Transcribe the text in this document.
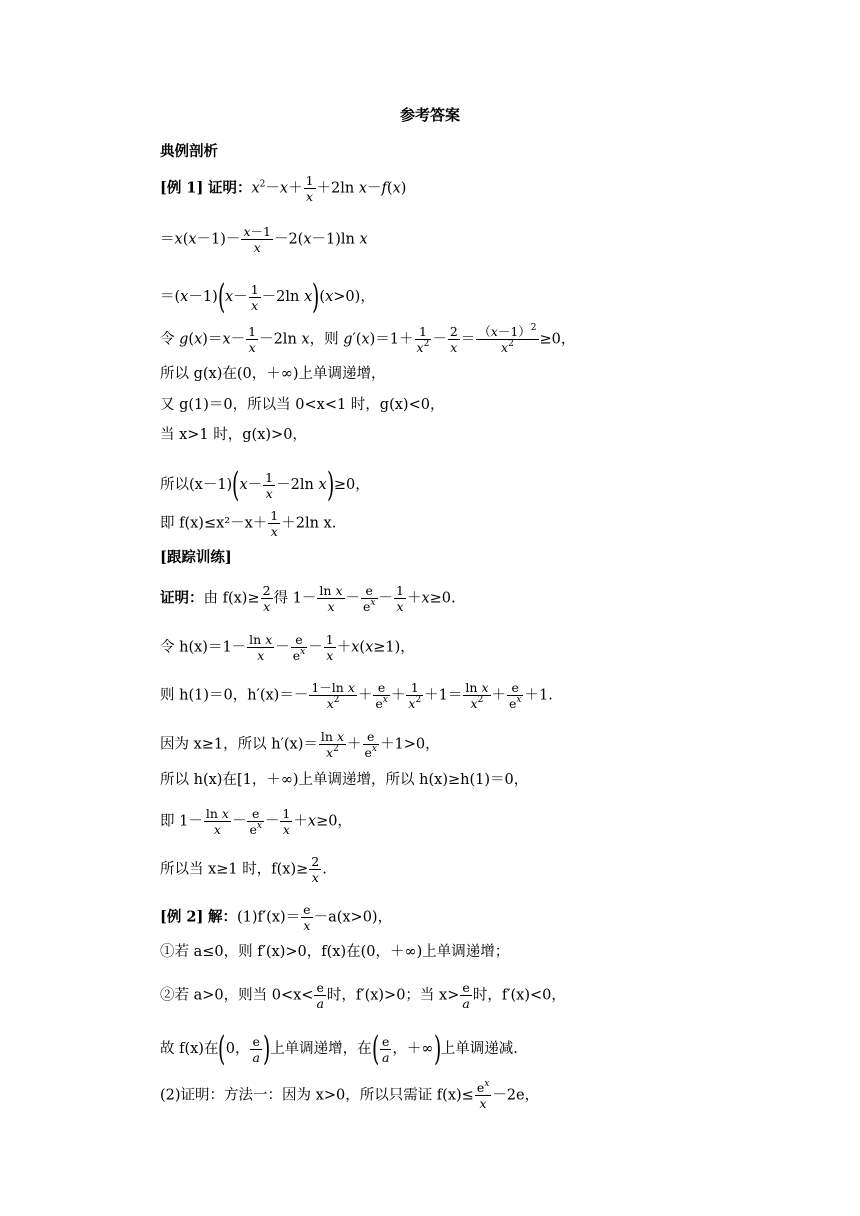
参考答案
典例剖析
[例 1] 证明：$x^2-x+ \frac{1}{x} +2\ln$ x－f(x)
$=x(x-1)- \frac{x-1}{x} -2(x-1)\ln$ x
$=(x-1)(x- \frac{1}{x} -2\ln$ x)(x>0)，
令 $g(x)=x- \frac{1}{x} -2\ln$ x，则 $g'(x)=1+ \frac{1}{x^2} - \frac{2}{x} = \frac{(x-1)^2}{x^2} \ge 0$，
所以 g(x)在(0，＋∞)上单调递增，
又 g(1)＝0，所以当 0<x<1 时，g(x)<0，
当 x>1 时，g(x)>0，
所以$(x-1)(x- \frac{1}{x} -2\ln$ x)≥0，
即 $f(x)\le x^2-x+ \frac{1}{x} +2\ln$ x.
[跟踪训练]
证明：由 $f(x)\ge \frac{2}{x}$ 得 $1- \frac{\text{ln x}}{x} - \frac{e}{e^x} - \frac{1}{x} +x\ge 0$.
令 $h(x)=1- \frac{\text{ln x}}{x} - \frac{e}{e^x} - \frac{1}{x} +x(x\ge 1)$，
则 h(1)＝0，$h'(x)=- \frac{\text{1－ln x}}{x^2} + \frac{e}{e^x} + \frac{1}{x^2} +1= \frac{\text{ln x}}{x^2} + \frac{e}{e^x} +1$.
因为 x≥1，所以 $h'(x)= \frac{\text{ln x}}{x^2} + \frac{e}{e^x} +1>0$，
所以 h(x)在[1，＋∞)上单调递增，所以 h(x)≥h(1)＝0，
即 $1- \frac{\text{ln x}}{x} - \frac{e}{e^x} - \frac{1}{x} +x\ge 0$，
所以当 x≥1 时，$f(x)\ge \frac{2}{x}$ .
[例 2] 解：$(1)f'(x)= \frac{e}{x} -a(x>0)$，
①若 a≤0，则 f′(x)>0，f(x)在(0，＋∞)上单调递增；
②若 a>0，则当 $0<x< \frac{e}{a}$ 时，f′(x)>0；当 $x> \frac{e}{a}$ 时，f′(x)<0，
故 f(x)在(0， $\frac{e}{a}$ )上单调递增，在( $\frac{e}{a}$ ，＋∞)上单调递减.
(2)证明：方法一：因为 x>0，所以只需证 $f(x)\le \frac{e^x}{x} -2e$，
